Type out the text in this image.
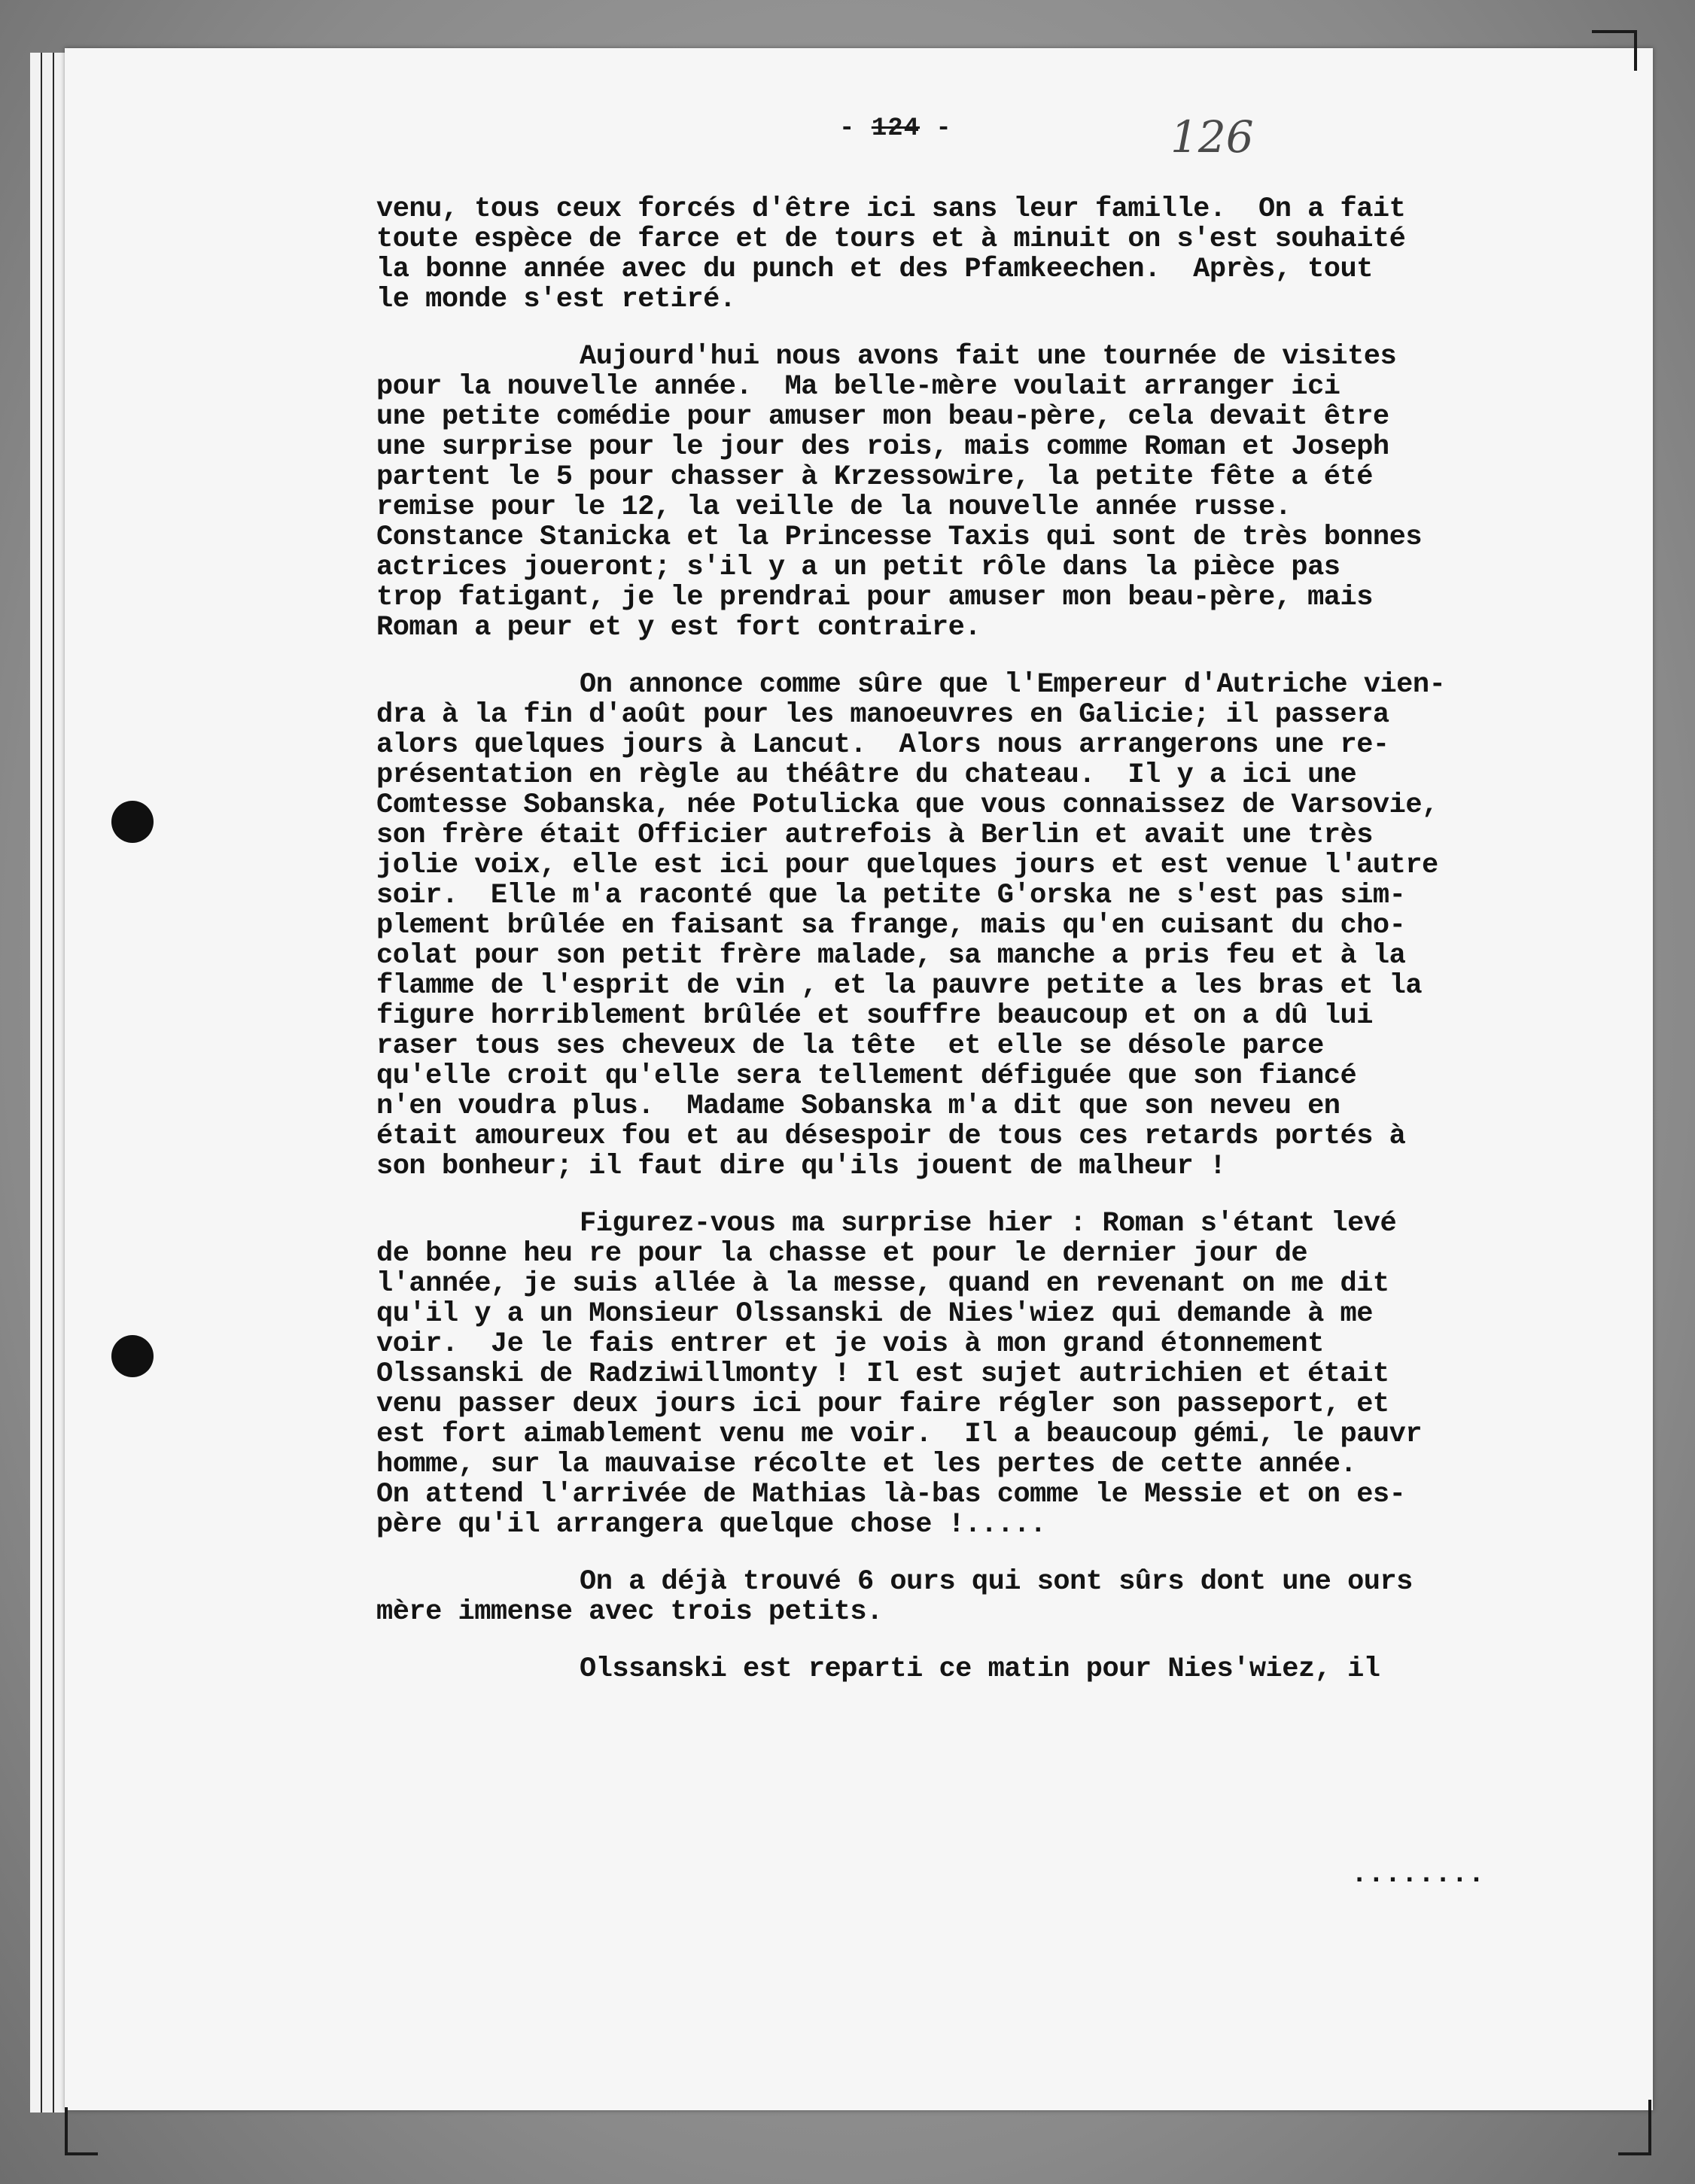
- 124 -	126
venu, tous ceux forcés d'être ici sans leur famille.  On a fait
toute espèce de farce et de tours et à minuit on s'est souhaité
la bonne année avec du punch et des Pfamkeechen.  Après, tout
le monde s'est retiré.
Aujourd'hui nous avons fait une tournée de visites
pour la nouvelle année.  Ma belle-mère voulait arranger ici
une petite comédie pour amuser mon beau-père, cela devait être
une surprise pour le jour des rois, mais comme Roman et Joseph
partent le 5 pour chasser à Krzessowire, la petite fête a été
remise pour le 12, la veille de la nouvelle année russe.
Constance Stanicka et la Princesse Taxis qui sont de très bonnes
actrices joueront; s'il y a un petit rôle dans la pièce pas
trop fatigant, je le prendrai pour amuser mon beau-père, mais
Roman a peur et y est fort contraire.
On annonce comme sûre que l'Empereur d'Autriche vien-
dra à la fin d'août pour les manoeuvres en Galicie; il passera
alors quelques jours à Lancut.  Alors nous arrangerons une re-
présentation en règle au théâtre du chateau.  Il y a ici une
Comtesse Sobanska, née Potulicka que vous connaissez de Varsovie,
son frère était Officier autrefois à Berlin et avait une très
jolie voix, elle est ici pour quelques jours et est venue l'autre
soir.  Elle m'a raconté que la petite G'orska ne s'est pas sim-
plement brûlée en faisant sa frange, mais qu'en cuisant du cho-
colat pour son petit frère malade, sa manche a pris feu et à la
flamme de l'esprit de vin , et la pauvre petite a les bras et la
figure horriblement brûlée et souffre beaucoup et on a dû lui
raser tous ses cheveux de la tête  et elle se désole parce
qu'elle croit qu'elle sera tellement défiguée que son fiancé
n'en voudra plus.  Madame Sobanska m'a dit que son neveu en
était amoureux fou et au désespoir de tous ces retards portés à
son bonheur; il faut dire qu'ils jouent de malheur !
Figurez-vous ma surprise hier : Roman s'étant levé
de bonne heu re pour la chasse et pour le dernier jour de
l'année, je suis allée à la messe, quand en revenant on me dit
qu'il y a un Monsieur Olssanski de Nies'wiez qui demande à me
voir.  Je le fais entrer et je vois à mon grand étonnement
Olssanski de Radziwillmonty ! Il est sujet autrichien et était
venu passer deux jours ici pour faire régler son passeport, et
est fort aimablement venu me voir.  Il a beaucoup gémi, le pauvr
homme, sur la mauvaise récolte et les pertes de cette année.
On attend l'arrivée de Mathias là-bas comme le Messie et on es-
père qu'il arrangera quelque chose !.....
On a déjà trouvé 6 ours qui sont sûrs dont une ours
mère immense avec trois petits.
Olssanski est reparti ce matin pour Nies'wiez, il
........
